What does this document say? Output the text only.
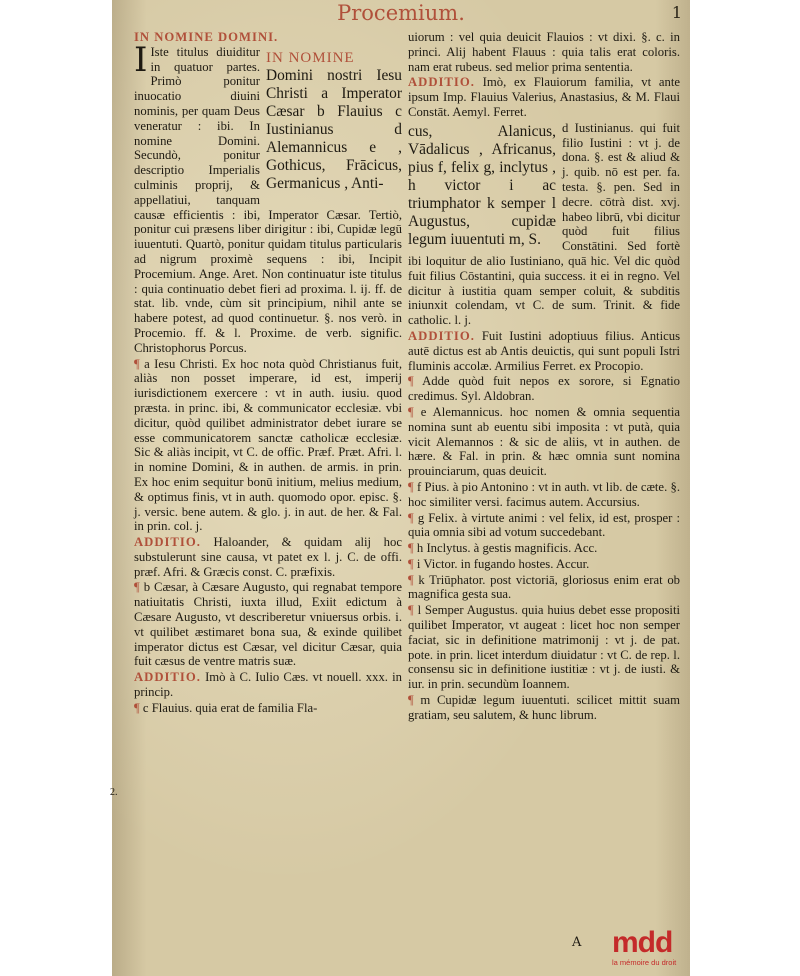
Procemium.	1

IN NOMINE DOMINI.

I	IN NOMINE
Domini nostri Iesu Christi a Imperator Cæsar b Flauius c Iustinianus d Alemannicus e , Gothicus, Frācicus, Germanicus , Anti-
Iste titulus diuiditur in quatuor partes. Primò ponitur inuocatio diuini nominis, per quam Deus veneratur : ibi. In nomine Domini. Secundò, ponitur descriptio Imperialis culminis proprij, & appellatiui, tanquam causæ efficientis : ibi, Imperator Cæsar. Tertiò, ponitur cui præsens liber dirigitur : ibi, Cupidæ legū iuuentuti. Quartò, ponitur quidam titulus particularis ad nigrum proximè sequens : ibi, Incipit Procemium. Ange. Aret. Non continuatur iste titulus : quia continuatio debet fieri ad proxima. l. ij. ff. de stat. lib. vnde, cùm sit principium, nihil ante se habere potest, ad quod continuetur. §. nos verò. in Procemio. ff. & l. Proxime. de verb. signific. Christophorus Porcus.

¶ a Iesu Christi. Ex hoc nota quòd Christianus fuit, aliàs non posset imperare, id est, imperij iurisdictionem exercere : vt in auth. iusiu. quod præsta. in princ. ibi, & communicator ecclesiæ. vbi dicitur, quòd quilibet administrator debet iurare se esse communicatorem sanctæ catholicæ ecclesiæ. Sic & aliàs incipit, vt C. de offic. Præf. Præt. Afri. l. in nomine Domini, & in authen. de armis. in prin. Ex hoc enim sequitur bonū initium, melius medium, & optimus finis, vt in auth. quomodo opor. episc. §. j. versic. bene autem. & glo. j. in aut. de her. & Fal. in prin. col. j.

ADDITIO. Haloander, & quidam alij hoc substulerunt sine causa, vt patet ex l. j. C. de offi. præf. Afri. & Græcis const. C. præfixis.

¶ b Cæsar, à Cæsare Augusto, qui regnabat tempore natiuitatis Christi, iuxta illud, Exiit edictum à Cæsare Augusto, vt describeretur vniuersus orbis. i. vt quilibet æstimaret bona sua, & exinde quilibet imperator dictus est Cæsar, vel dicitur Cæsar, quia fuit cæsus de ventre matris suæ.

ADDITIO. Imò à C. Iulio Cæs. vt nouell. xxx. in princip.

¶ c Flauius. quia erat de familia Fla-

2.

uiorum : vel quia deuicit Flauios : vt dixi. §. c. in princi. Alij habent Flauus : quia talis erat coloris. nam erat rubeus. sed melior prima sententia.

ADDITIO. Imò, ex Flauiorum familia, vt ante ipsum Imp. Flauius Valerius, Anastasius, & M. Flaui Constāt. Aemyl. Ferret.

cus, Alanicus, Vādalicus , Africanus, pius f, felix g, inclytus , h victor i ac triumphator k semper l Augustus, cupidæ legum iuuentuti m, S.
d Iustinianus. qui fuit filio Iustini : vt j. de dona. §. est & aliud & j. quib. nō est per. fa. testa. §. pen. Sed in decre. cōtrà dist. xvj. habeo librū, vbi dicitur quòd fuit filius Constātini. Sed fortè ibi loquitur de alio Iustiniano, quā hic. Vel dic quòd fuit filius Cōstantini, quia success. it ei in regno. Vel dicitur à iustitia quam semper coluit, & subditis iniunxit colendam, vt C. de sum. Trinit. & fide catholic. l. j.

ADDITIO. Fuit Iustini adoptiuus filius. Anticus autē dictus est ab Antis deuictis, qui sunt populi Istri fluminis accolæ. Armilius Ferret. ex Procopio.

¶ Adde quòd fuit nepos ex sorore, si Egnatio credimus. Syl. Aldobran.

¶ e Alemannicus. hoc nomen & omnia sequentia nomina sunt ab euentu sibi imposita : vt putà, quia vicit Alemannos : & sic de aliis, vt in authen. de hære. & Fal. in prin. & hæc omnia sunt nomina prouinciarum, quas deuicit.

¶ f Pius. à pio Antonino : vt in auth. vt lib. de cæte. §. hoc similiter versi. facimus autem. Accursius.

¶ g Felix. à virtute animi : vel felix, id est, prosper : quia omnia sibi ad votum succedebant.

¶ h Inclytus. à gestis magnificis. Acc.

¶ i Victor. in fugando hostes. Accur.

¶ k Triūphator. post victoriā, gloriosus enim erat ob magnifica gesta sua.

¶ l Semper Augustus. quia huius debet esse propositi quilibet Imperator, vt augeat : licet hoc non semper faciat, sic in definitione matrimonij : vt j. de pat. pote. in prin. licet interdum diuidatur : vt C. de rep. l. consensu sic in definitione iustitiæ : vt j. de iusti. & iur. in prin. secundùm Ioannem.

¶ m Cupidæ legum iuuentuti. scilicet mittit suam gratiam, seu salutem, & hunc librum.

A mdd
la mémoire du droit
